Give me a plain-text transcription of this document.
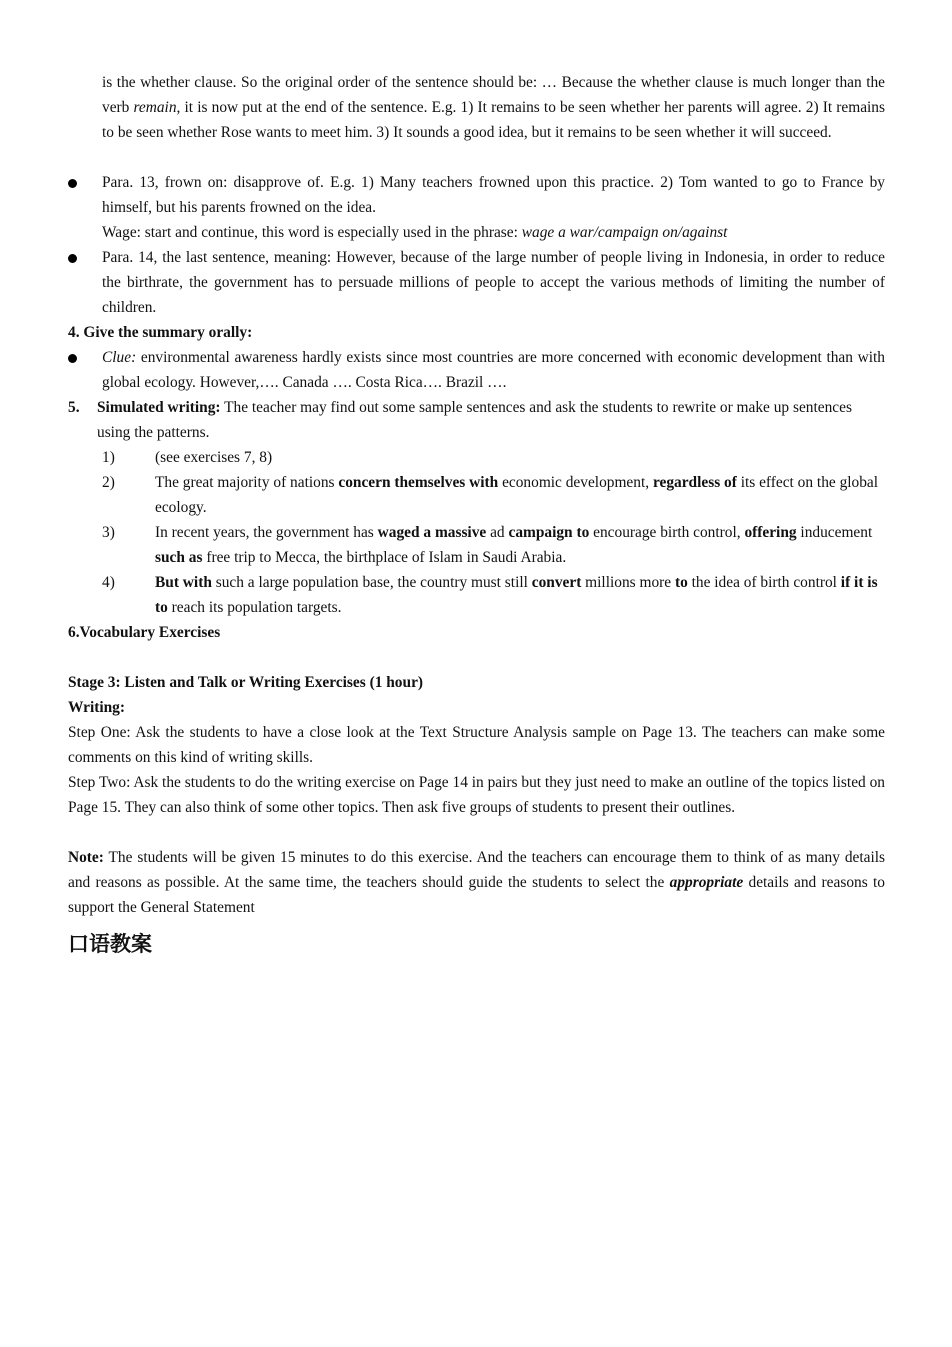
is the whether clause. So the original order of the sentence should be: … Because the whether clause is much longer than the verb remain, it is now put at the end of the sentence. E.g. 1) It remains to be seen whether her parents will agree. 2) It remains to be seen whether Rose wants to meet him. 3) It sounds a good idea, but it remains to be seen whether it will succeed.
Para. 13, frown on: disapprove of. E.g. 1) Many teachers frowned upon this practice. 2) Tom wanted to go to France by himself, but his parents frowned on the idea.
Wage: start and continue, this word is especially used in the phrase: wage a war/campaign on/against
Para. 14, the last sentence, meaning: However, because of the large number of people living in Indonesia, in order to reduce the birthrate, the government has to persuade millions of people to accept the various methods of limiting the number of children.
4. Give the summary orally:
Clue: environmental awareness hardly exists since most countries are more concerned with economic development than with global ecology. However,…. Canada …. Costa Rica…. Brazil ….
5. Simulated writing: The teacher may find out some sample sentences and ask the students to rewrite or make up sentences using the patterns.
1)	(see exercises 7, 8)
2)	The great majority of nations concern themselves with economic development, regardless of its effect on the global ecology.
3)	In recent years, the government has waged a massive ad campaign to encourage birth control, offering inducement such as free trip to Mecca, the birthplace of Islam in Saudi Arabia.
4)	But with such a large population base, the country must still convert millions more to the idea of birth control if it is to reach its population targets.
6.Vocabulary Exercises
Stage 3: Listen and Talk or Writing Exercises (1 hour)
Writing:
Step One: Ask the students to have a close look at the Text Structure Analysis sample on Page 13. The teachers can make some comments on this kind of writing skills.
Step Two: Ask the students to do the writing exercise on Page 14 in pairs but they just need to make an outline of the topics listed on Page 15. They can also think of some other topics. Then ask five groups of students to present their outlines.
Note: The students will be given 15 minutes to do this exercise. And the teachers can encourage them to think of as many details and reasons as possible. At the same time, the teachers should guide the students to select the appropriate details and reasons to support the General Statement
口语教案
